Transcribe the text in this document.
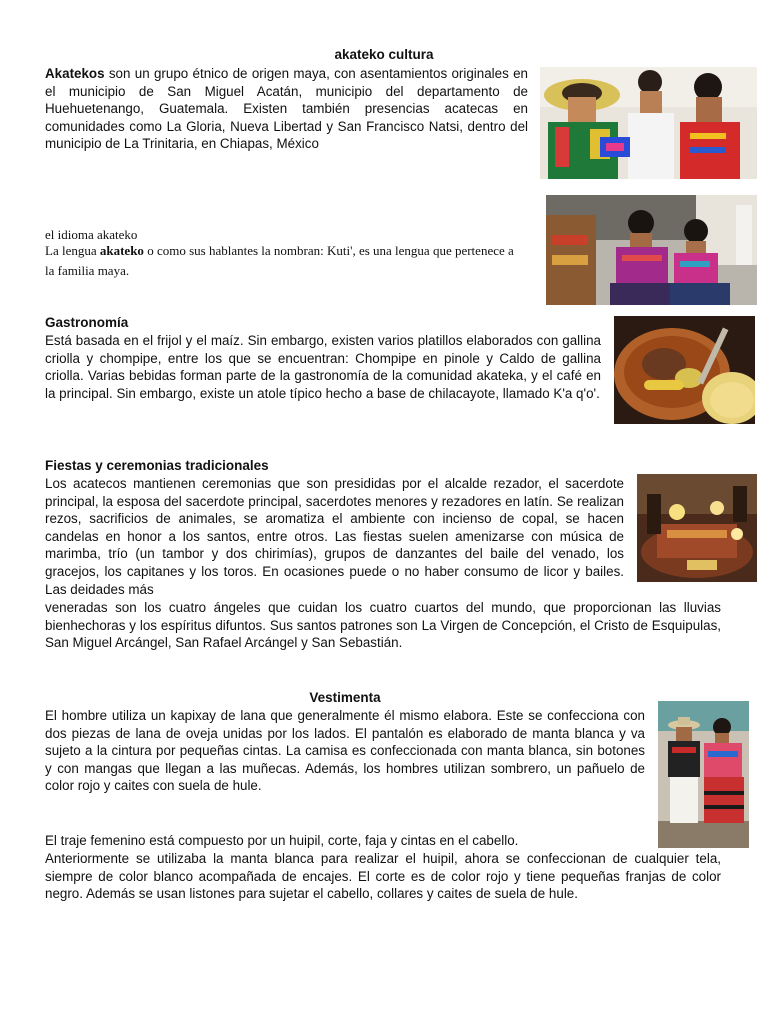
akateko cultura

Akatekos son un grupo étnico de origen maya, con asentamientos originales en el municipio de San Miguel Acatán, municipio del departamento de Huehuetenango, Guatemala. Existen también presencias acatecas en comunidades como La Gloria, Nueva Libertad y San Francisco Natsi, dentro del municipio de La Trinitaria, en Chiapas, México

el idioma akateko

La lengua akateko o como sus hablantes la nombran: Kuti', es una lengua que pertenece a la familia maya.

Gastronomía

Está basada en el frijol y el maíz. Sin embargo, existen varios platillos elaborados con gallina criolla y chompipe, entre los que se encuentran: Chompipe en pinole y Caldo de gallina criolla. Varias bebidas forman parte de la gastronomía de la comunidad akateka, y el café en la principal. Sin embargo, existe un atole típico hecho a base de chilacayote, llamado K'a q'o'.

Fiestas y ceremonias tradicionales

Los acatecos mantienen ceremonias que son presididas por el alcalde rezador, el sacerdote principal, la esposa del sacerdote principal, sacerdotes menores y rezadores en latín. Se realizan rezos, sacrificios de animales, se aromatiza el ambiente con incienso de copal, se hacen candelas en honor a los santos, entre otros. Las fiestas suelen amenizarse con música de marimba, trío (un tambor y dos chirimías), grupos de danzantes del baile del venado, los gracejos, los capitanes y los toros. En ocasiones puede o no haber consumo de licor y bailes. Las deidades más

veneradas son los cuatro ángeles que cuidan los cuatro cuartos del mundo, que proporcionan las lluvias bienhechoras y los espíritus difuntos. Sus santos patrones son La Virgen de Concepción, el Cristo de Esquipulas, San Miguel Arcángel, San Rafael Arcángel y San Sebastián.

Vestimenta

El hombre utiliza un kapixay de lana que generalmente él mismo elabora. Este se confecciona con dos piezas de lana de oveja unidas por los lados. El pantalón es elaborado de manta blanca y va sujeto a la cintura por pequeñas cintas. La camisa es confeccionada con manta blanca, sin botones y con mangas que llegan a las muñecas. Además, los hombres utilizan sombrero, un pañuelo de color rojo y caites con suela de hule.

El traje femenino está compuesto por un huipil, corte, faja y cintas en el cabello.

Anteriormente se utilizaba la manta blanca para realizar el huipil, ahora se confeccionan de cualquier tela, siempre de color blanco acompañada de encajes. El corte es de color rojo y tiene pequeñas franjas de color negro. Además se usan listones para sujetar el cabello, collares y caites de suela de hule.
